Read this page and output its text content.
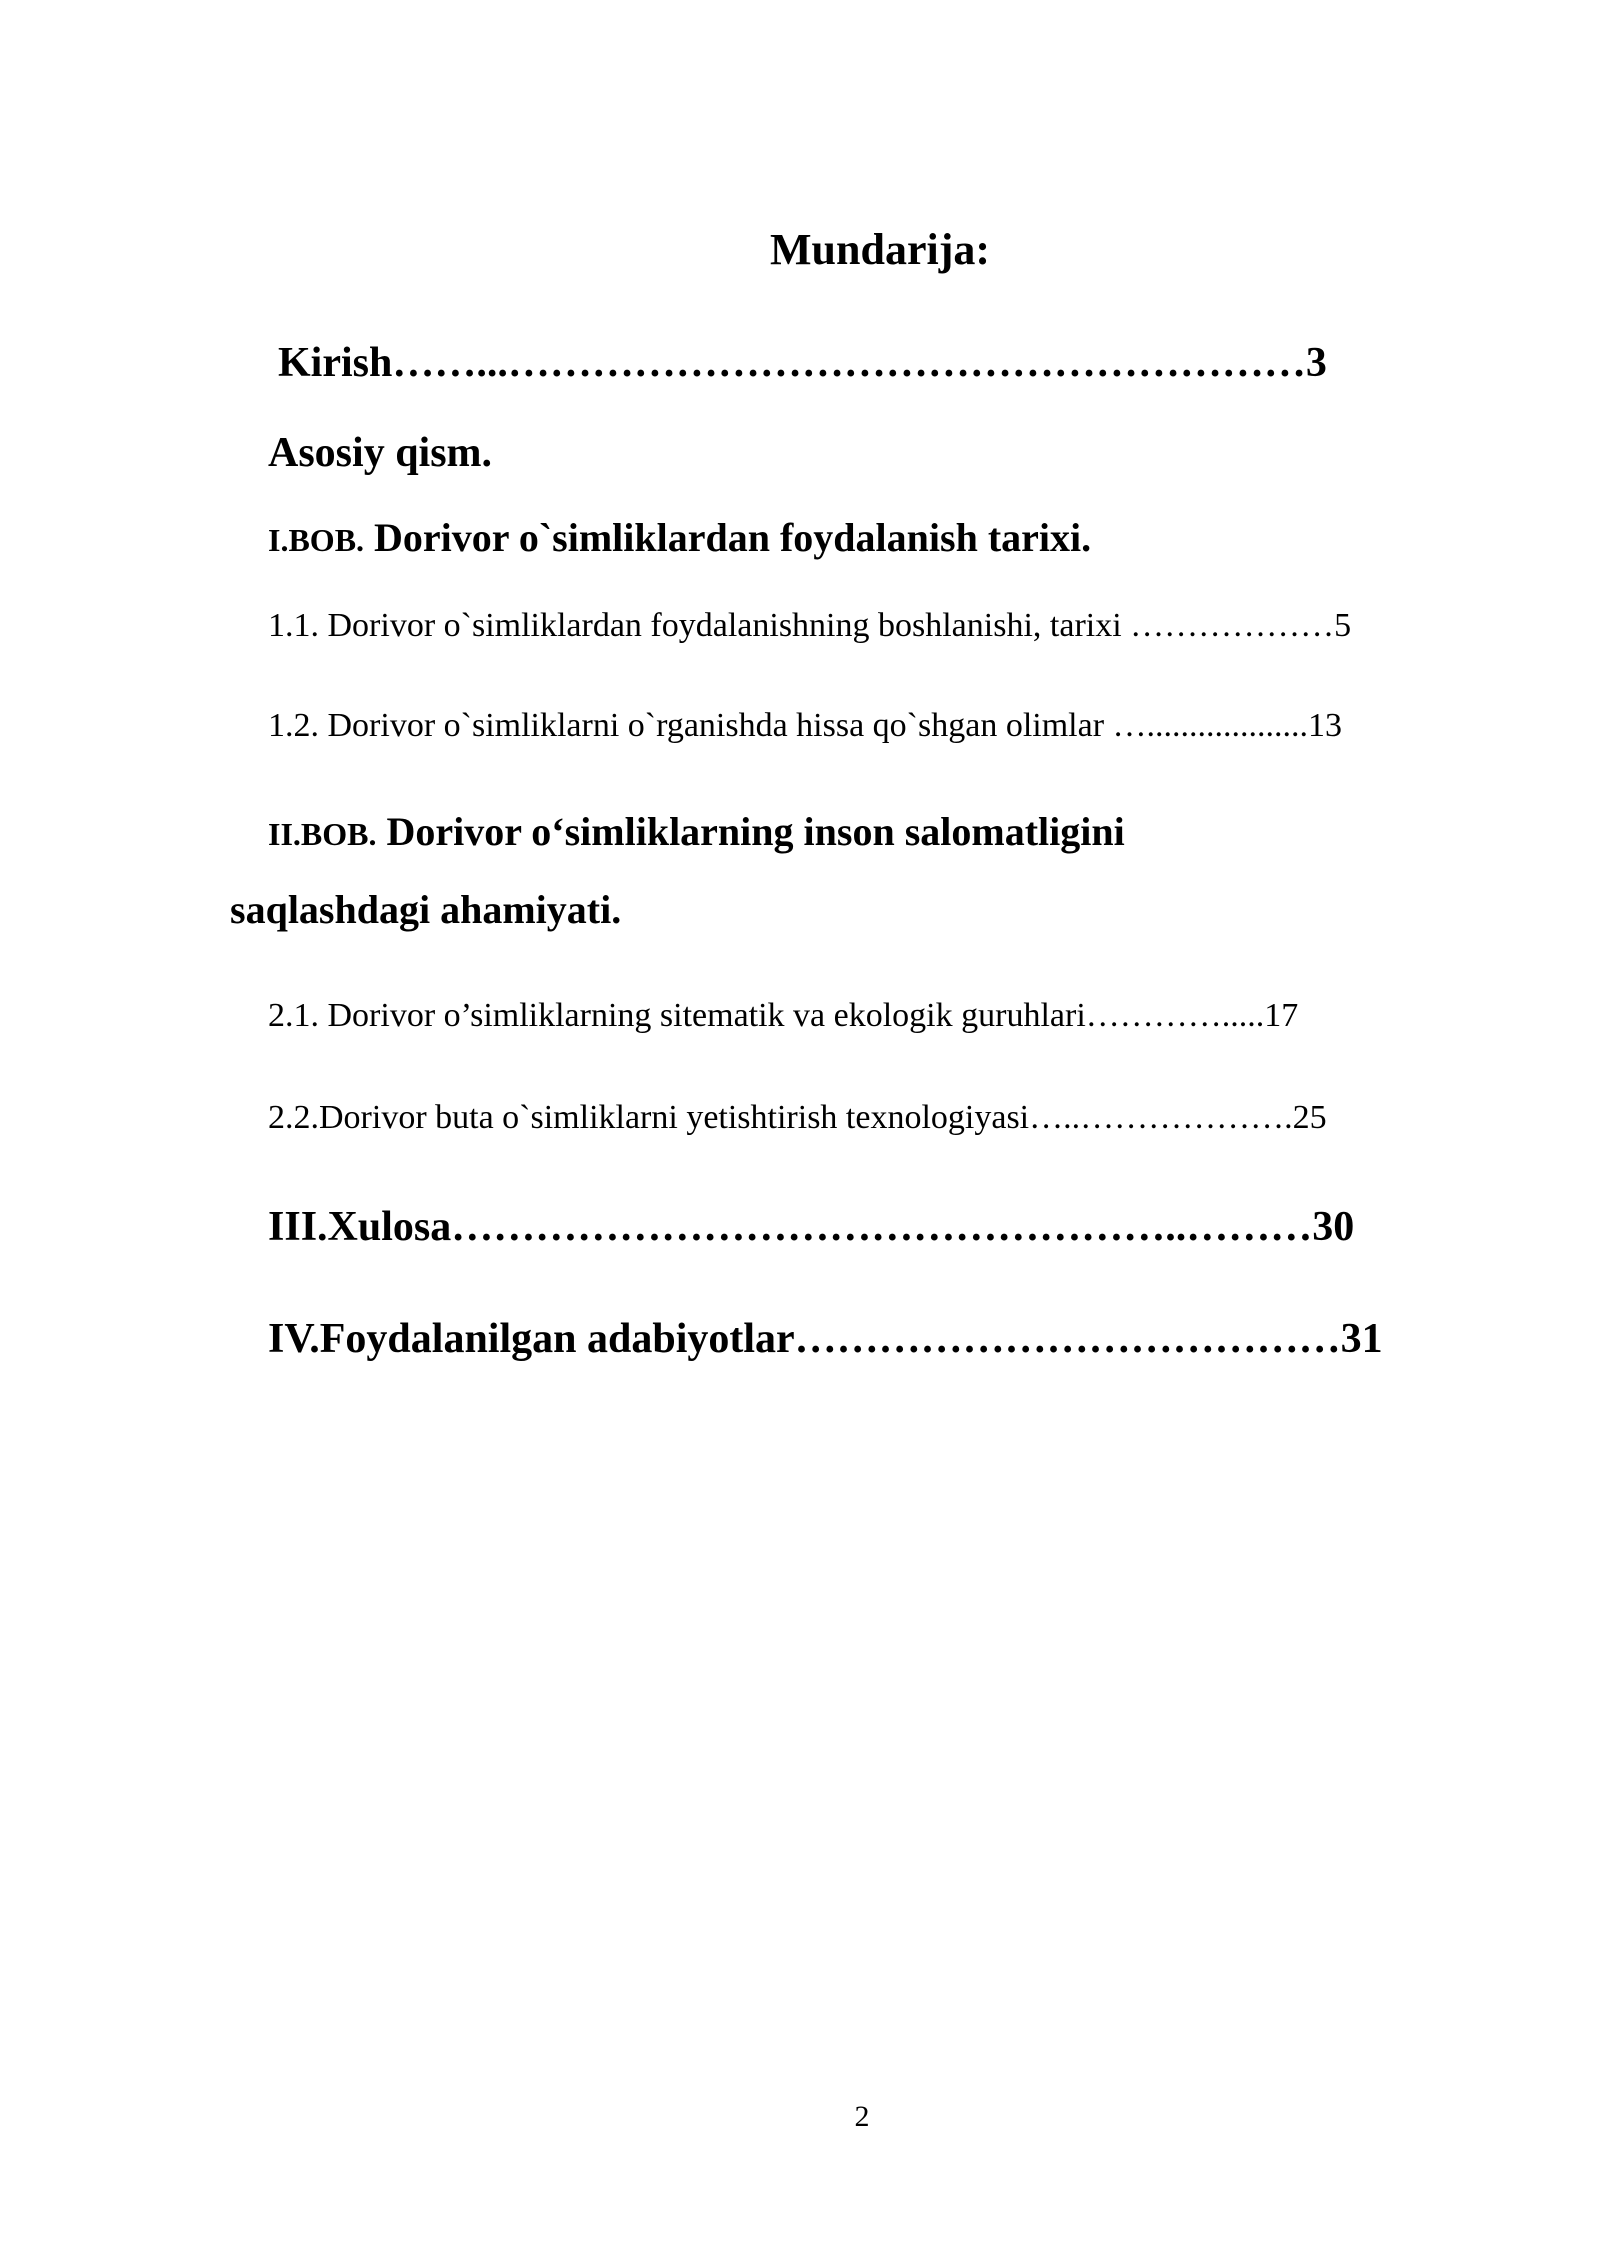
Mundarija:

Kirish……...…………………………………………………3

Asosiy qism.

I.BOB. Dorivor o`simliklardan foydalanish tarixi.

1.1. Dorivor o`simliklardan foydalanishning boshlanishi, tarixi ………………5

1.2. Dorivor o`simliklarni o`rganishda hissa qo`shgan olimlar …...................13

II.BOB. Dorivor o‘simliklarning inson salomatligini

saqlashdagi ahamiyati.

2.1. Dorivor o’simliklarning sitematik va ekologik guruhlari………….....17

2.2.Dorivor buta o`simliklarni yetishtirish texnologiyasi…..……………….25

III.Xulosa……………………………………………..………30

IV.Foydalanilgan adabiyotlar…………………………………31

2
